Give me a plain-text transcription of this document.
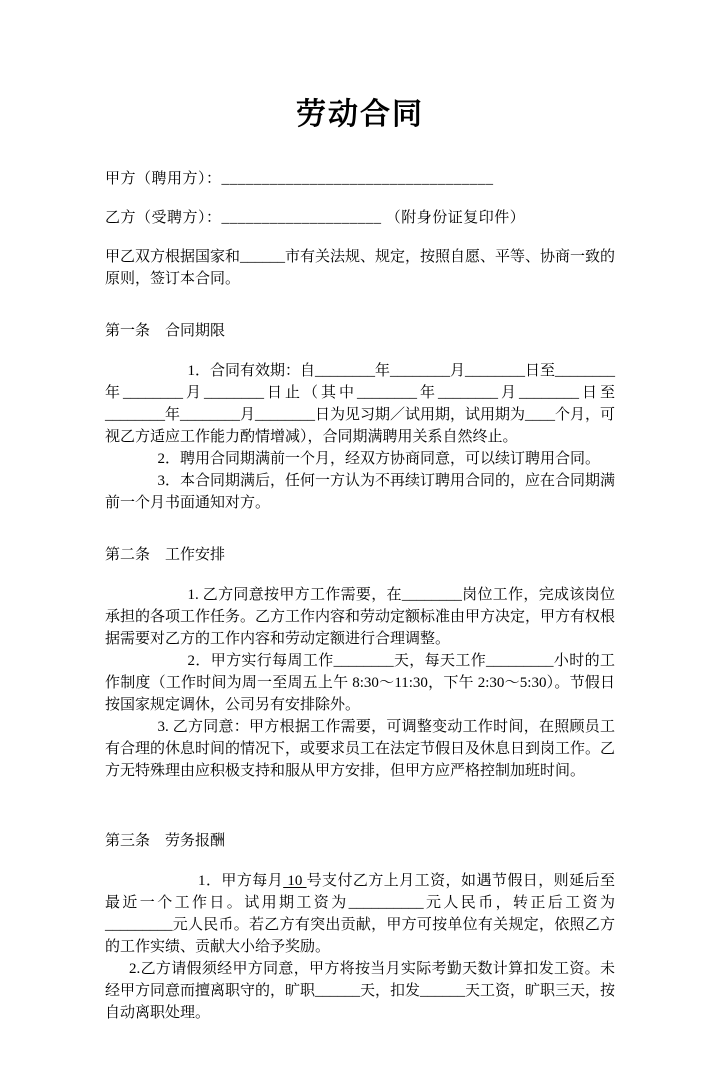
劳动合同

甲方（聘用方）：__________________________________

乙方（受聘方）：____________________ （附身份证复印件）

甲乙双方根据国家和______市有关法规、规定，按照自愿、平等、协商一致的原则，签订本合同。

第一条　合同期限

1．合同有效期：自________年________月________日至________年________月________日止（其中________年________月________日至________年________月________日为见习期／试用期，试用期为____个月，可视乙方适应工作能力酌情增减），合同期满聘用关系自然终止。

2．聘用合同期满前一个月，经双方协商同意，可以续订聘用合同。

3．本合同期满后，任何一方认为不再续订聘用合同的，应在合同期满前一个月书面通知对方。

第二条　工作安排

1. 乙方同意按甲方工作需要，在________岗位工作，完成该岗位承担的各项工作任务。乙方工作内容和劳动定额标准由甲方决定，甲方有权根据需要对乙方的工作内容和劳动定额进行合理调整。

2．甲方实行每周工作________天，每天工作_________小时的工作制度（工作时间为周一至周五上午 8:30～11:30，下午 2:30～5:30）。节假日按国家规定调休，公司另有安排除外。

3. 乙方同意：甲方根据工作需要，可调整变动工作时间，在照顾员工有合理的休息时间的情况下，或要求员工在法定节假日及休息日到岗工作。乙方无特殊理由应积极支持和服从甲方安排，但甲方应严格控制加班时间。

第三条　劳务报酬

1．甲方每月 10 号支付乙方上月工资，如遇节假日，则延后至最近一个工作日。试用期工资为__________元人民币，转正后工资为_________元人民币。若乙方有突出贡献，甲方可按单位有关规定，依照乙方的工作实绩、贡献大小给予奖励。

2.乙方请假须经甲方同意，甲方将按当月实际考勤天数计算扣发工资。未经甲方同意而擅离职守的，旷职______天，扣发______天工资，旷职三天，按自动离职处理。
